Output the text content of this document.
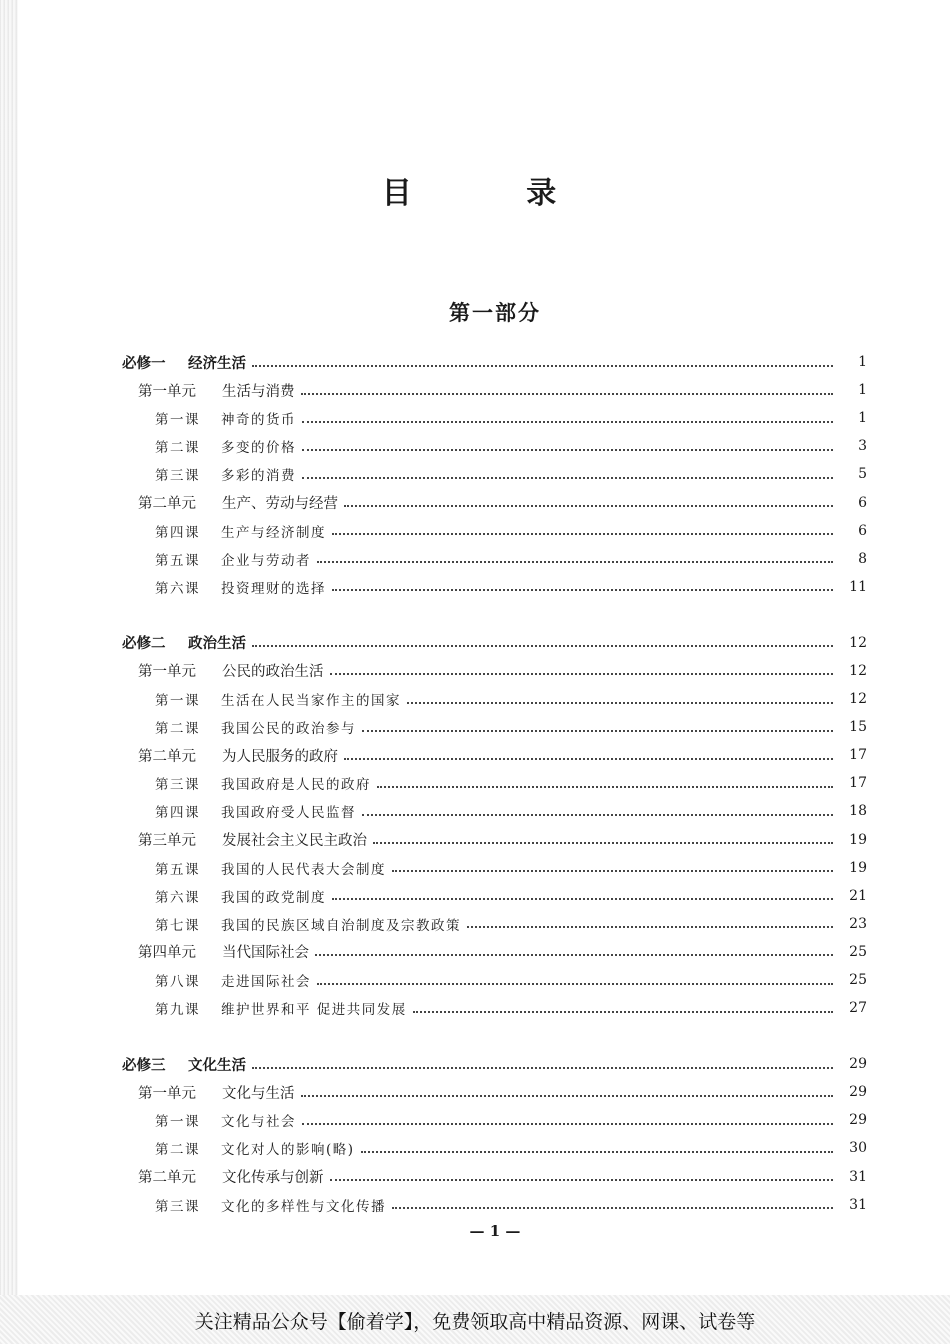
目 录
第一部分
必修一 经济生活	1
第一单元 生活与消费	1
第一课 神奇的货币	1
第二课 多变的价格	3
第三课 多彩的消费	5
第二单元 生产、劳动与经营	6
第四课 生产与经济制度	6
第五课 企业与劳动者	8
第六课 投资理财的选择	11
必修二 政治生活	12
第一单元 公民的政治生活	12
第一课 生活在人民当家作主的国家	12
第二课 我国公民的政治参与	15
第二单元 为人民服务的政府	17
第三课 我国政府是人民的政府	17
第四课 我国政府受人民监督	18
第三单元 发展社会主义民主政治	19
第五课 我国的人民代表大会制度	19
第六课 我国的政党制度	21
第七课 我国的民族区域自治制度及宗教政策	23
第四单元 当代国际社会	25
第八课 走进国际社会	25
第九课 维护世界和平 促进共同发展	27
必修三 文化生活	29
第一单元 文化与生活	29
第一课 文化与社会	29
第二课 文化对人的影响(略)	30
第二单元 文化传承与创新	31
第三课 文化的多样性与文化传播	31
— 1 —
关注精品公众号【偷着学】，免费领取高中精品资源、网课、试卷等
